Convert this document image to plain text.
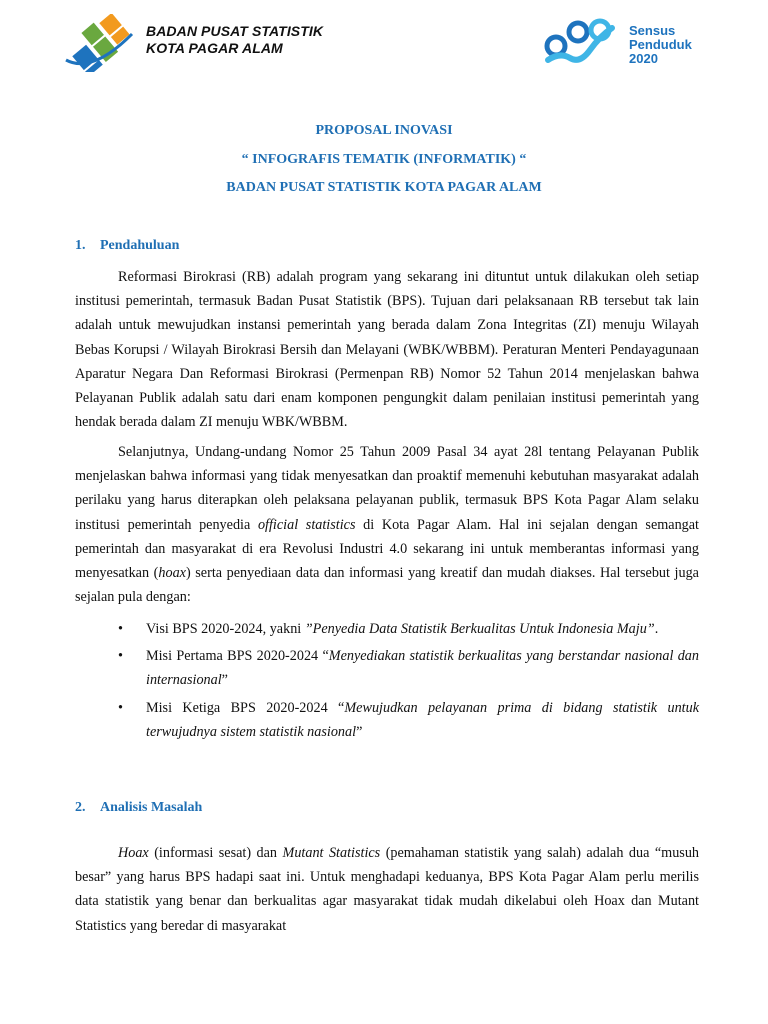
BADAN PUSAT STATISTIK
KOTA PAGAR ALAM
Sensus
Penduduk
2020
PROPOSAL INOVASI
“ INFOGRAFIS TEMATIK (INFORMATIK) “
BADAN PUSAT STATISTIK KOTA PAGAR ALAM
1. Pendahuluan
Reformasi Birokrasi (RB) adalah program yang sekarang ini dituntut untuk dilakukan oleh setiap institusi pemerintah, termasuk Badan Pusat Statistik (BPS). Tujuan dari pelaksanaan RB tersebut tak lain adalah untuk mewujudkan instansi pemerintah yang berada dalam Zona Integritas (ZI) menuju Wilayah Bebas Korupsi / Wilayah Birokrasi Bersih dan Melayani (WBK/WBBM). Peraturan Menteri Pendayagunaan Aparatur Negara Dan Reformasi Birokrasi (Permenpan RB) Nomor 52 Tahun 2014 menjelaskan bahwa Pelayanan Publik adalah satu dari enam komponen pengungkit dalam penilaian institusi pemerintah yang hendak berada dalam ZI menuju WBK/WBBM.
Selanjutnya, Undang-undang Nomor 25 Tahun 2009 Pasal 34 ayat 28l tentang Pelayanan Publik menjelaskan bahwa informasi yang tidak menyesatkan dan proaktif memenuhi kebutuhan masyarakat adalah perilaku yang harus diterapkan oleh pelaksana pelayanan publik, termasuk BPS Kota Pagar Alam selaku institusi pemerintah penyedia official statistics di Kota Pagar Alam. Hal ini sejalan dengan semangat pemerintah dan masyarakat di era Revolusi Industri 4.0 sekarang ini untuk memberantas informasi yang menyesatkan (hoax) serta penyediaan data dan informasi yang kreatif dan mudah diakses. Hal tersebut juga sejalan pula dengan:
• Visi BPS 2020-2024, yakni ”Penyedia Data Statistik Berkualitas Untuk Indonesia Maju”.
• Misi Pertama BPS 2020-2024 “Menyediakan statistik berkualitas yang berstandar nasional dan internasional”
• Misi Ketiga BPS 2020-2024 “Mewujudkan pelayanan prima di bidang statistik untuk terwujudnya sistem statistik nasional”
2. Analisis Masalah
Hoax (informasi sesat) dan Mutant Statistics (pemahaman statistik yang salah) adalah dua “musuh besar” yang harus BPS hadapi saat ini. Untuk menghadapi keduanya, BPS Kota Pagar Alam perlu merilis data statistik yang benar dan berkualitas agar masyarakat tidak mudah dikelabui oleh Hoax dan Mutant Statistics yang beredar di masyarakat
